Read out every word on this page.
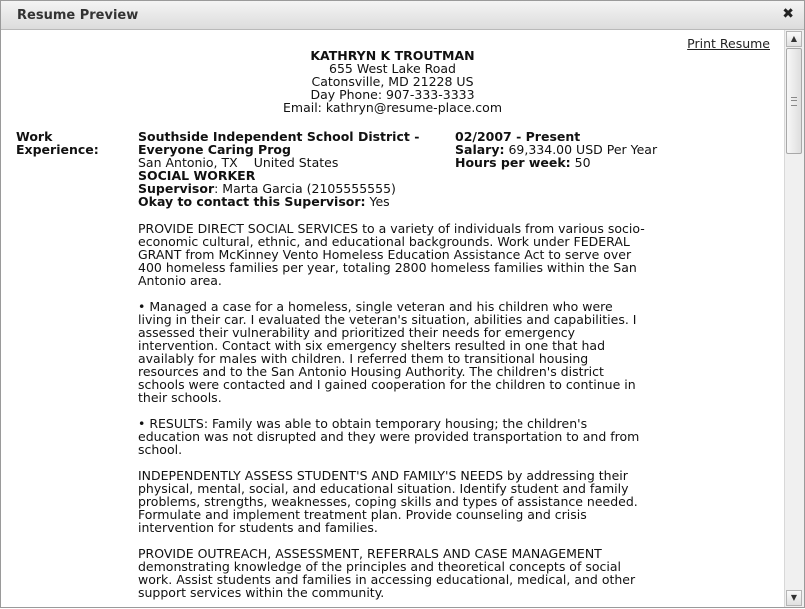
Resume Preview	✖
Print Resume
KATHRYN K TROUTMAN
655 West Lake Road
Catonsville, MD 21228 US
Day Phone: 907-333-3333
Email: kathryn@resume-place.com
Work
Experience:
Southside Independent School District -
Everyone Caring Prog
San Antonio, TX United States
SOCIAL WORKER
Supervisor: Marta Garcia (2105555555)
Okay to contact this Supervisor: Yes
02/2007 - Present
Salary: 69,334.00 USD Per Year
Hours per week: 50

PROVIDE DIRECT SOCIAL SERVICES to a variety of individuals from various socio-economic cultural, ethnic, and educational backgrounds. Work under FEDERAL GRANT from McKinney Vento Homeless Education Assistance Act to serve over 400 homeless families per year, totaling 2800 homeless families within the San Antonio area.

• Managed a case for a homeless, single veteran and his children who were living in their car. I evaluated the veteran's situation, abilities and capabilities. I assessed their vulnerability and prioritized their needs for emergency intervention. Contact with six emergency shelters resulted in one that had availably for males with children. I referred them to transitional housing resources and to the San Antonio Housing Authority. The children's district schools were contacted and I gained cooperation for the children to continue in their schools.

• RESULTS: Family was able to obtain temporary housing; the children's education was not disrupted and they were provided transportation to and from school.

INDEPENDENTLY ASSESS STUDENT'S AND FAMILY'S NEEDS by addressing their physical, mental, social, and educational situation. Identify student and family problems, strengths, weaknesses, coping skills and types of assistance needed. Formulate and implement treatment plan. Provide counseling and crisis intervention for students and families.

PROVIDE OUTREACH, ASSESSMENT, REFERRALS AND CASE MANAGEMENT demonstrating knowledge of the principles and theoretical concepts of social work. Assist students and families in accessing educational, medical, and other support services within the community.

▲
▼
